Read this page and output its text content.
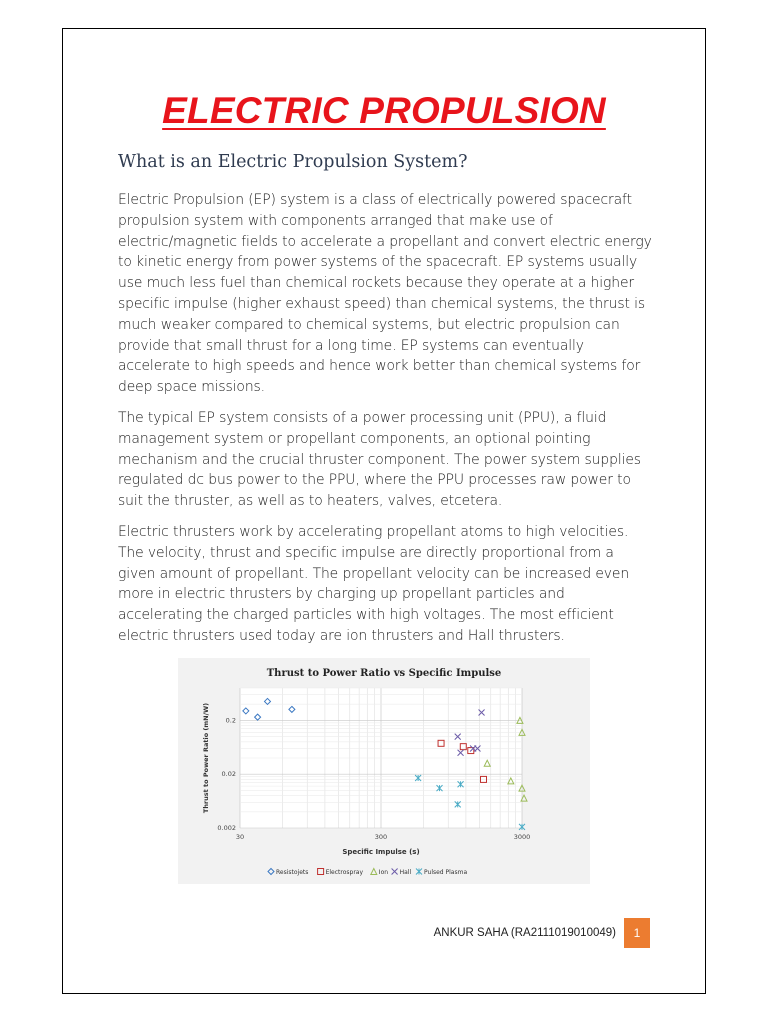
ELECTRIC PROPULSION
What is an Electric Propulsion System?
Electric Propulsion (EP) system is a class of electrically powered spacecraft propulsion system with components arranged that make use of electric/magnetic fields to accelerate a propellant and convert electric energy to kinetic energy from power systems of the spacecraft. EP systems usually use much less fuel than chemical rockets because they operate at a higher specific impulse (higher exhaust speed) than chemical systems, the thrust is much weaker compared to chemical systems, but electric propulsion can provide that small thrust for a long time. EP systems can eventually accelerate to high speeds and hence work better than chemical systems for deep space missions.
The typical EP system consists of a power processing unit (PPU), a fluid management system or propellant components, an optional pointing mechanism and the crucial thruster component. The power system supplies regulated dc bus power to the PPU, where the PPU processes raw power to suit the thruster, as well as to heaters, valves, etcetera.
Electric thrusters work by accelerating propellant atoms to high velocities. The velocity, thrust and specific impulse are directly proportional from a given amount of propellant. The propellant velocity can be increased even more in electric thrusters by charging up propellant particles and accelerating the charged particles with high voltages. The most efficient electric thrusters used today are ion thrusters and Hall thrusters.
Thrust to Power Ratio vs Specific Impulse
30	300	3000
0.2
0.02
0.002
Specific Impulse (s)
Thrust to Power Ratio (mN/W)
Resistojets	Electrospray	Ion Hall Pulsed Plasma
ANKUR SAHA (RA2111019010049)	1
